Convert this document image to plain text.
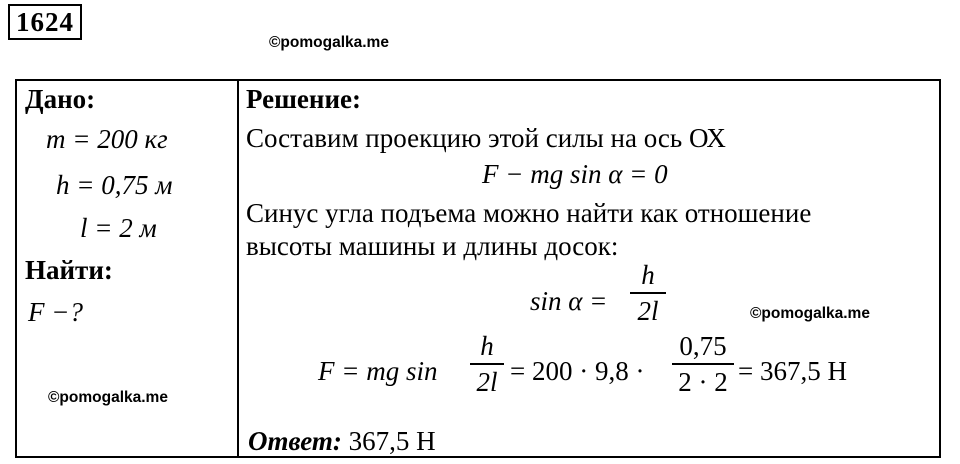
1624
©pomogalka.me
©pomogalka.me
©pomogalka.me
Дано:
m = 200 кг
h = 0,75 м
l = 2 м
Найти:
F −?
Решение:
Составим проекцию этой силы на ось ОХ
F − mg sin α = 0
Синус угла подъема можно найти как отношение
высоты машины и длины досок:
sin α =
h
2l
F = mg sin
h
2l = 200 · 9,8 ·
0,75
2 · 2 = 367,5 Н
Ответ: 367,5 Н
